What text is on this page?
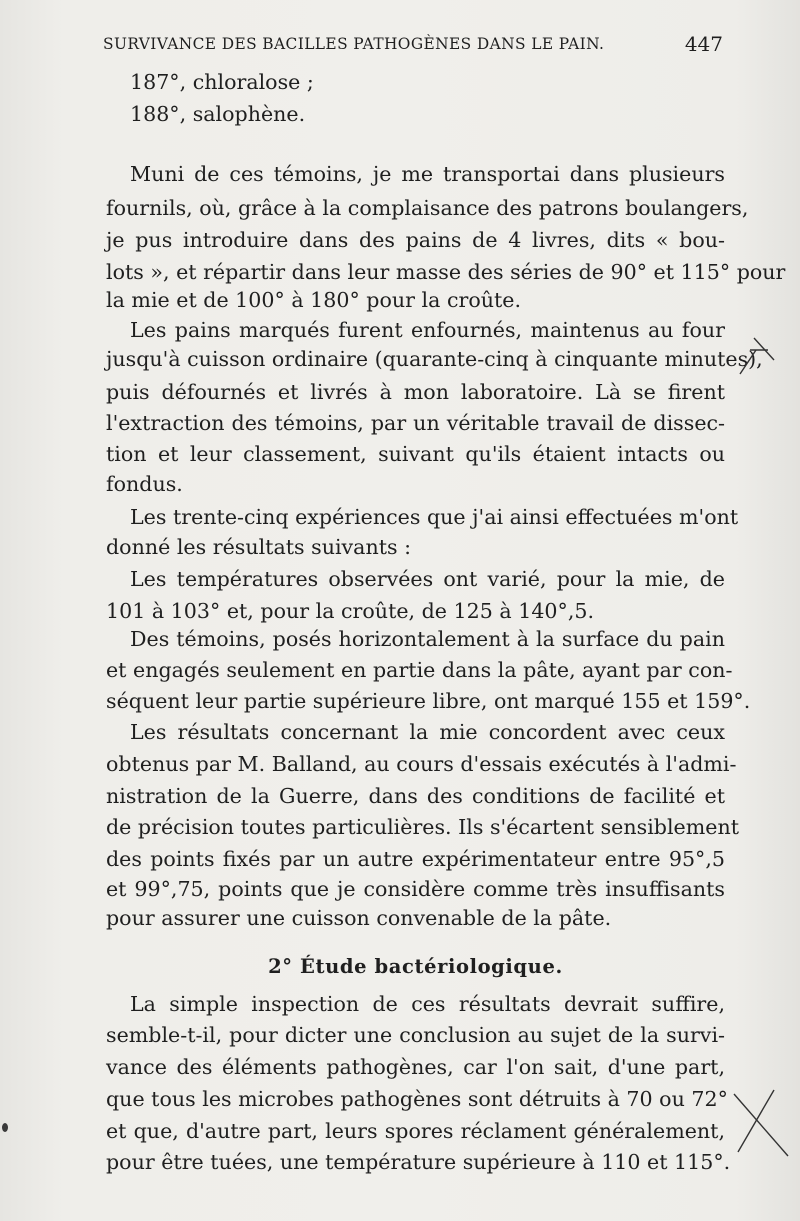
SURVIVANCE DES BACILLES PATHOGÈNES DANS LE PAIN.	447
187°, chloralose ;
188°, salophène.
Muni de ces témoins, je me transportai dans plusieurs
fournils, où, grâce à la complaisance des patrons boulangers,
je pus introduire dans des pains de 4 livres, dits « bou-
lots », et répartir dans leur masse des séries de 90° et 115° pour
la mie et de 100° à 180° pour la croûte.
Les pains marqués furent enfournés, maintenus au four
jusqu'à cuisson ordinaire (quarante-cinq à cinquante minutes),
puis défournés et livrés à mon laboratoire. Là se firent
l'extraction des témoins, par un véritable travail de dissec-
tion et leur classement, suivant qu'ils étaient intacts ou
fondus.
Les trente-cinq expériences que j'ai ainsi effectuées m'ont
donné les résultats suivants :
Les températures observées ont varié, pour la mie, de
101 à 103° et, pour la croûte, de 125 à 140°,5.
Des témoins, posés horizontalement à la surface du pain
et engagés seulement en partie dans la pâte, ayant par con-
séquent leur partie supérieure libre, ont marqué 155 et 159°.
Les résultats concernant la mie concordent avec ceux
obtenus par M. Balland, au cours d'essais exécutés à l'admi-
nistration de la Guerre, dans des conditions de facilité et
de précision toutes particulières. Ils s'écartent sensiblement
des points fixés par un autre expérimentateur entre 95°,5
et 99°,75, points que je considère comme très insuffisants
pour assurer une cuisson convenable de la pâte.
2° Étude bactériologique.
La simple inspection de ces résultats devrait suffire,
semble-t-il, pour dicter une conclusion au sujet de la survi-
vance des éléments pathogènes, car l'on sait, d'une part,
que tous les microbes pathogènes sont détruits à 70 ou 72°
et que, d'autre part, leurs spores réclament généralement,
pour être tuées, une température supérieure à 110 et 115°.
